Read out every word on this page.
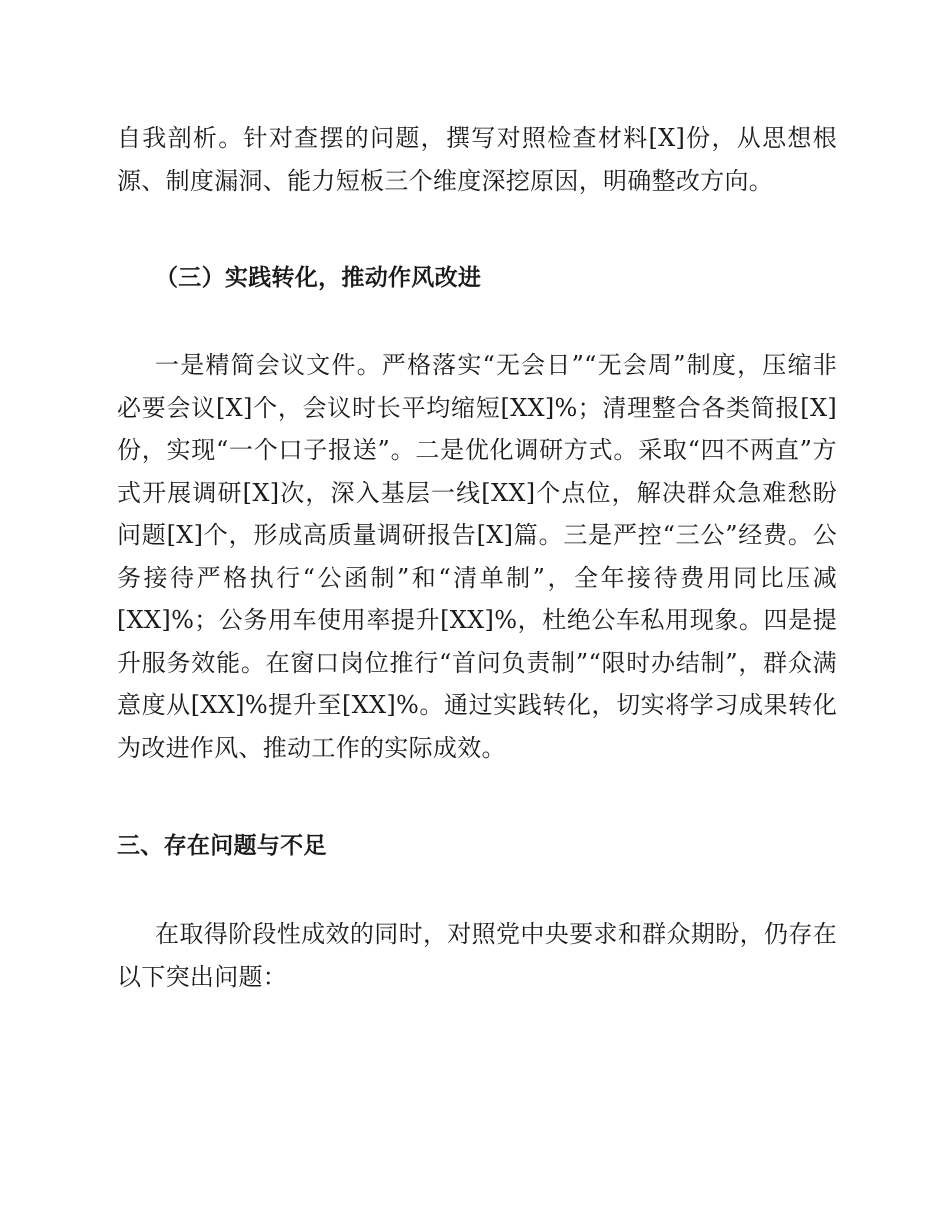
自我剖析。针对查摆的问题，撰写对照检查材料[X]份，从思想根源、制度漏洞、能力短板三个维度深挖原因，明确整改方向。

（三）实践转化，推动作风改进

一是精简会议文件。严格落实“无会日”“无会周”制度，压缩非必要会议[X]个，会议时长平均缩短[XX]%；清理整合各类简报[X]份，实现“一个口子报送”。二是优化调研方式。采取“四不两直”方式开展调研[X]次，深入基层一线[XX]个点位，解决群众急难愁盼问题[X]个，形成高质量调研报告[X]篇。三是严控“三公”经费。公务接待严格执行“公函制”和“清单制”，全年接待费用同比压减[XX]%；公务用车使用率提升[XX]%，杜绝公车私用现象。四是提升服务效能。在窗口岗位推行“首问负责制”“限时办结制”，群众满意度从[XX]%提升至[XX]%。通过实践转化，切实将学习成果转化为改进作风、推动工作的实际成效。

三、存在问题与不足

在取得阶段性成效的同时，对照党中央要求和群众期盼，仍存在以下突出问题：
